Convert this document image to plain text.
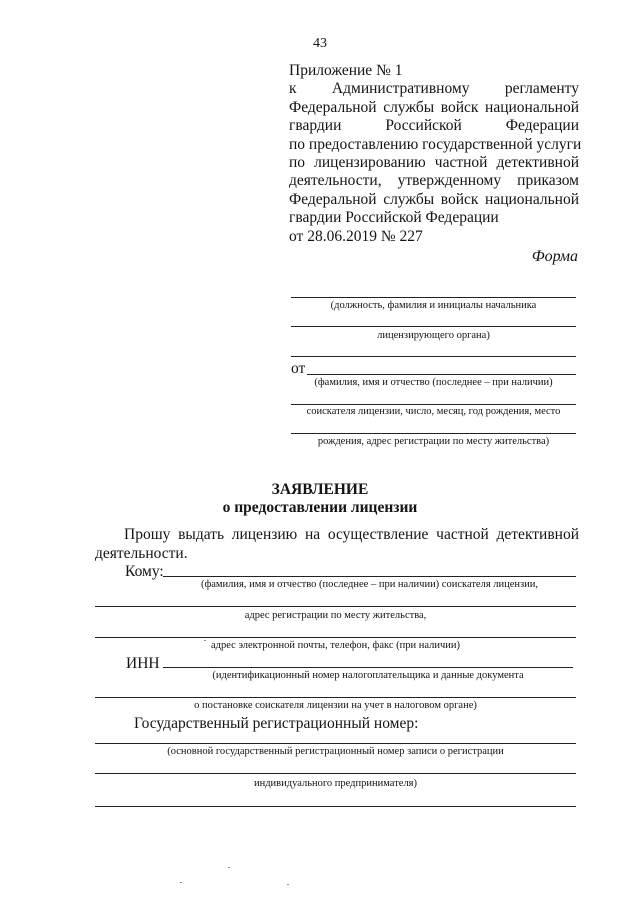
43
Приложение № 1
к Административному регламенту
Федеральной службы войск национальной
гвардии Российской Федерации
по предоставлению государственной услуги
по лицензированию частной детективной
деятельности, утвержденному приказом
Федеральной службы войск национальной
гвардии Российской Федерации
от 28.06.2019 № 227
Форма
(должность, фамилия и инициалы начальника
лицензирующего органа)
от
(фамилия, имя и отчество (последнее – при наличии)
соискателя лицензии, число, месяц, год рождения, место
рождения, адрес регистрации по месту жительства)
ЗАЯВЛЕНИЕ
о предоставлении лицензии
Прошу выдать лицензию на осуществление частной детективной
деятельности.
Кому:
(фамилия, имя и отчество (последнее – при наличии) соискателя лицензии,
адрес регистрации по месту жительства,
адрес электронной почты, телефон, факс (при наличии)
ИНН
(идентификационный номер налогоплательщика и данные документа
о постановке соискателя лицензии на учет в налоговом органе)
Государственный регистрационный номер:
(основной государственный регистрационный номер записи о регистрации
индивидуального предпринимателя)
